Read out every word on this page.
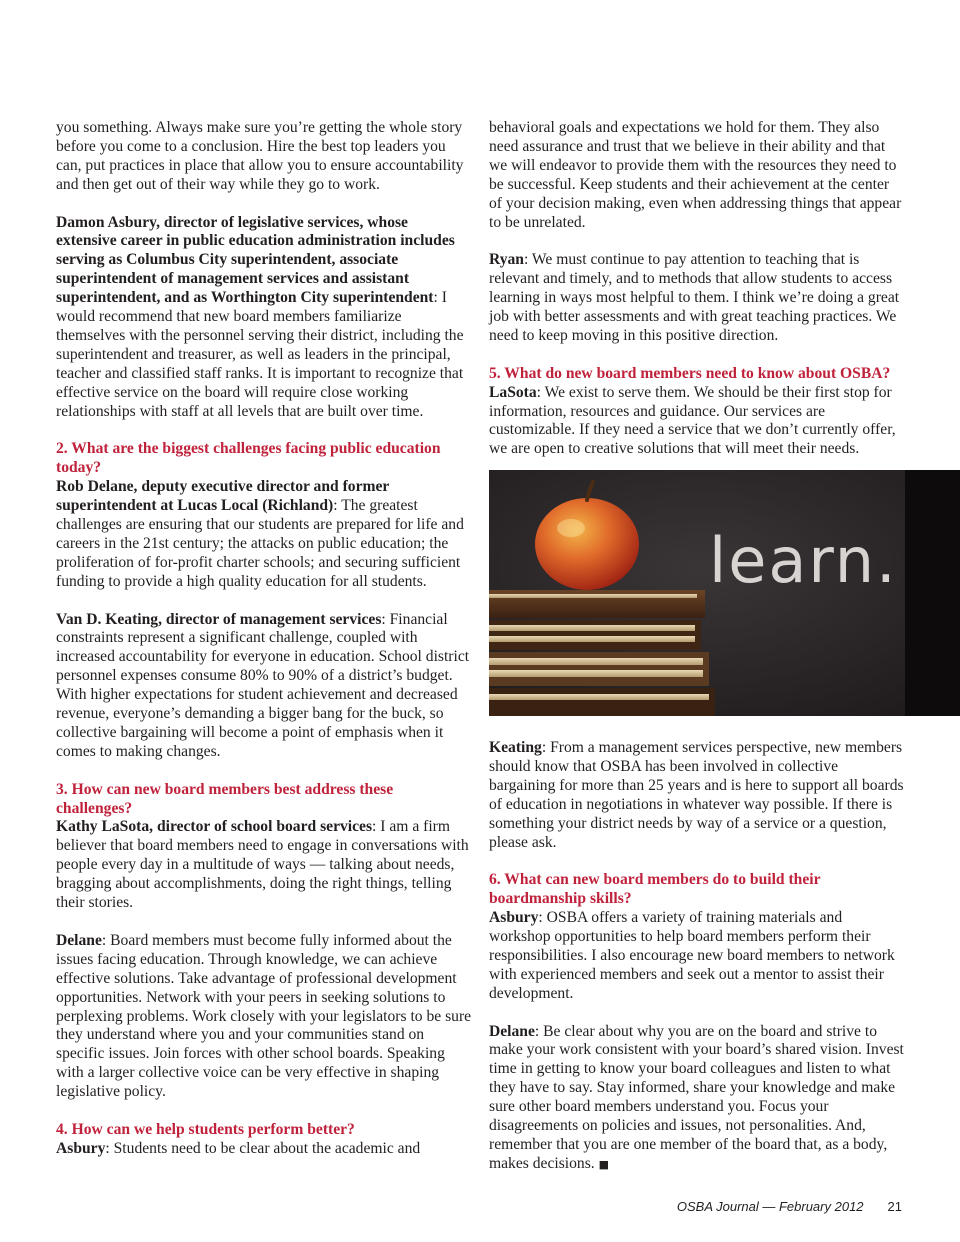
you something. Always make sure you’re getting the whole story before you come to a conclusion. Hire the best top leaders you can, put practices in place that allow you to ensure accountability and then get out of their way while they go to work.

Damon Asbury, director of legislative services, whose extensive career in public education administration includes serving as Columbus City superintendent, associate superintendent of management services and assistant superintendent, and as Worthington City superintendent: I would recommend that new board members familiarize themselves with the personnel serving their district, including the superintendent and treasurer, as well as leaders in the principal, teacher and classified staff ranks. It is important to recognize that effective service on the board will require close working relationships with staff at all levels that are built over time.

2. What are the biggest challenges facing public education today?
Rob Delane, deputy executive director and former superintendent at Lucas Local (Richland): The greatest challenges are ensuring that our students are prepared for life and careers in the 21st century; the attacks on public education; the proliferation of for-profit charter schools; and securing sufficient funding to provide a high quality education for all students.

Van D. Keating, director of management services: Financial constraints represent a significant challenge, coupled with increased accountability for everyone in education. School district personnel expenses consume 80% to 90% of a district’s budget. With higher expectations for student achievement and decreased revenue, everyone’s demanding a bigger bang for the buck, so collective bargaining will become a point of emphasis when it comes to making changes.

3. How can new board members best address these challenges?
Kathy LaSota, director of school board services: I am a firm believer that board members need to engage in conversations with people every day in a multitude of ways — talking about needs, bragging about accomplishments, doing the right things, telling their stories.

Delane: Board members must become fully informed about the issues facing education. Through knowledge, we can achieve effective solutions. Take advantage of professional development opportunities. Network with your peers in seeking solutions to perplexing problems. Work closely with your legislators to be sure they understand where you and your communities stand on specific issues. Join forces with other school boards. Speaking with a larger collective voice can be very effective in shaping legislative policy.

4. How can we help students perform better?
Asbury: Students need to be clear about the academic and

behavioral goals and expectations we hold for them. They also need assurance and trust that we believe in their ability and that we will endeavor to provide them with the resources they need to be successful. Keep students and their achievement at the center of your decision making, even when addressing things that appear to be unrelated.

Ryan: We must continue to pay attention to teaching that is relevant and timely, and to methods that allow students to access learning in ways most helpful to them. I think we’re doing a great job with better assessments and with great teaching practices. We need to keep moving in this positive direction.

5. What do new board members need to know about OSBA?
LaSota: We exist to serve them. We should be their first stop for information, resources and guidance. Our services are customizable. If they need a service that we don’t currently offer, we are open to creative solutions that will meet their needs.

learn.

Keating: From a management services perspective, new members should know that OSBA has been involved in collective bargaining for more than 25 years and is here to support all boards of education in negotiations in whatever way possible. If there is something your district needs by way of a service or a question, please ask.

6. What can new board members do to build their boardmanship skills?
Asbury: OSBA offers a variety of training materials and workshop opportunities to help board members perform their responsibilities. I also encourage new board members to network with experienced members and seek out a mentor to assist their development.

Delane: Be clear about why you are on the board and strive to make your work consistent with your board’s shared vision. Invest time in getting to know your board colleagues and listen to what they have to say. Stay informed, share your knowledge and make sure other board members understand you. Focus your disagreements on policies and issues, not personalities. And, remember that you are one member of the board that, as a body, makes decisions. ■

OSBA Journal — February 2012 21
